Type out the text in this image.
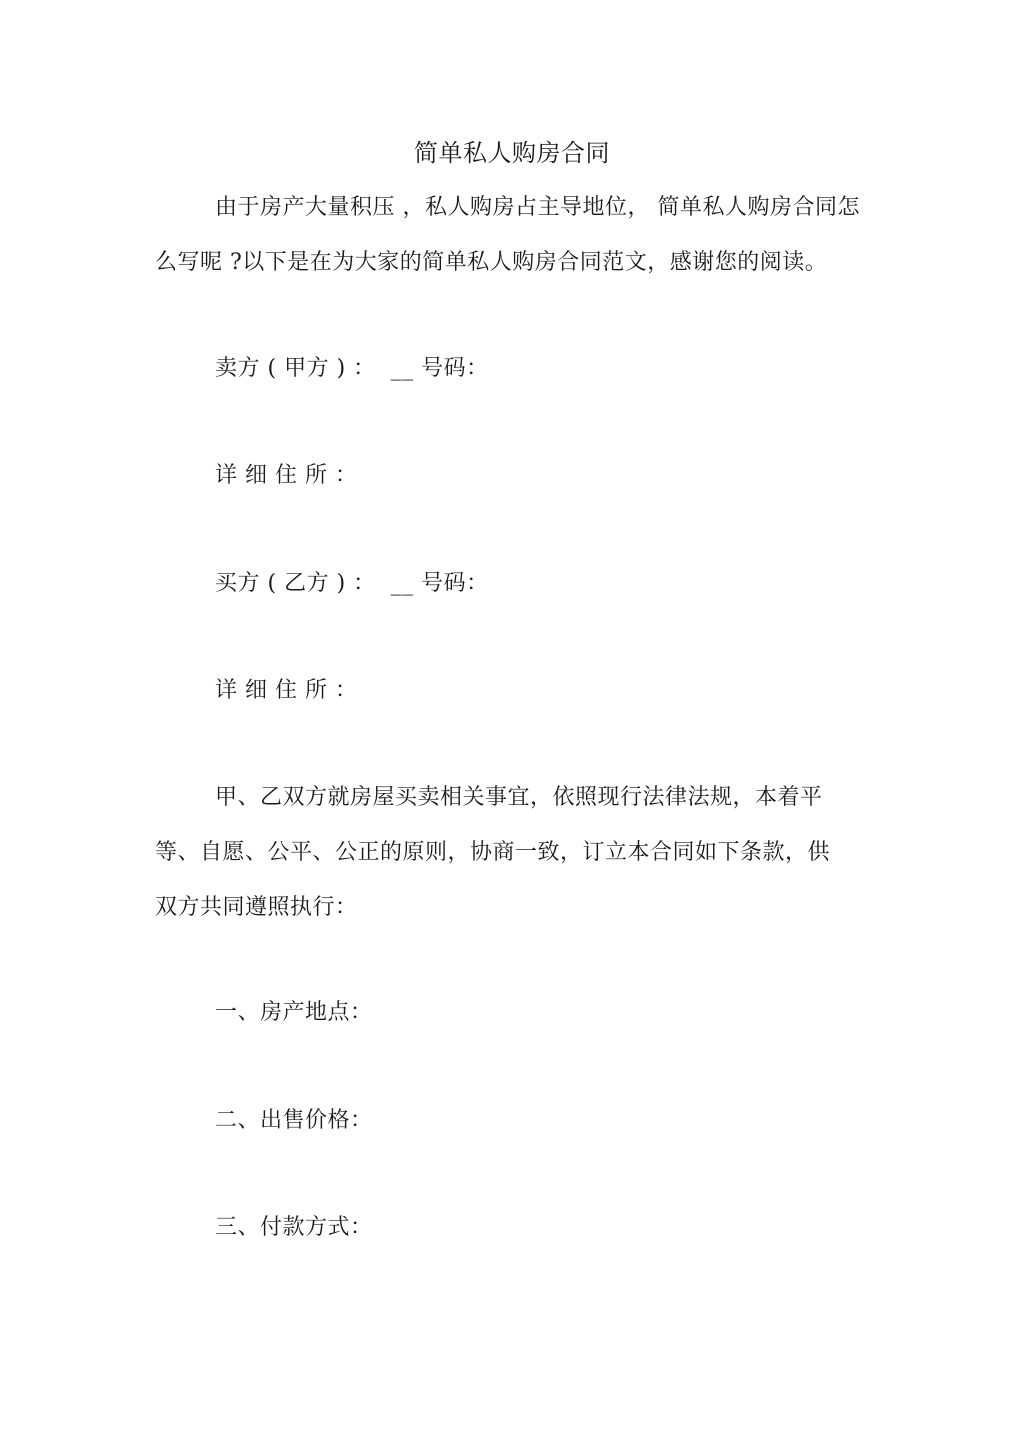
简单私人购房合同
由于房产大量积压 ，私人购房占主导地位， 简单私人购房合同怎
么写呢 ?以下是在为大家的简单私人购房合同范文，感谢您的阅读。
卖方 ( 甲方 ) ：  __ 号码：
详 细 住 所 ：
买方 ( 乙方 ) ：  __ 号码：
详 细 住 所 ：
甲、乙双方就房屋买卖相关事宜，依照现行法律法规，本着平
等、自愿、公平、公正的原则，协商一致，订立本合同如下条款，供
双方共同遵照执行：
一、房产地点：
二、出售价格：
三、付款方式：
